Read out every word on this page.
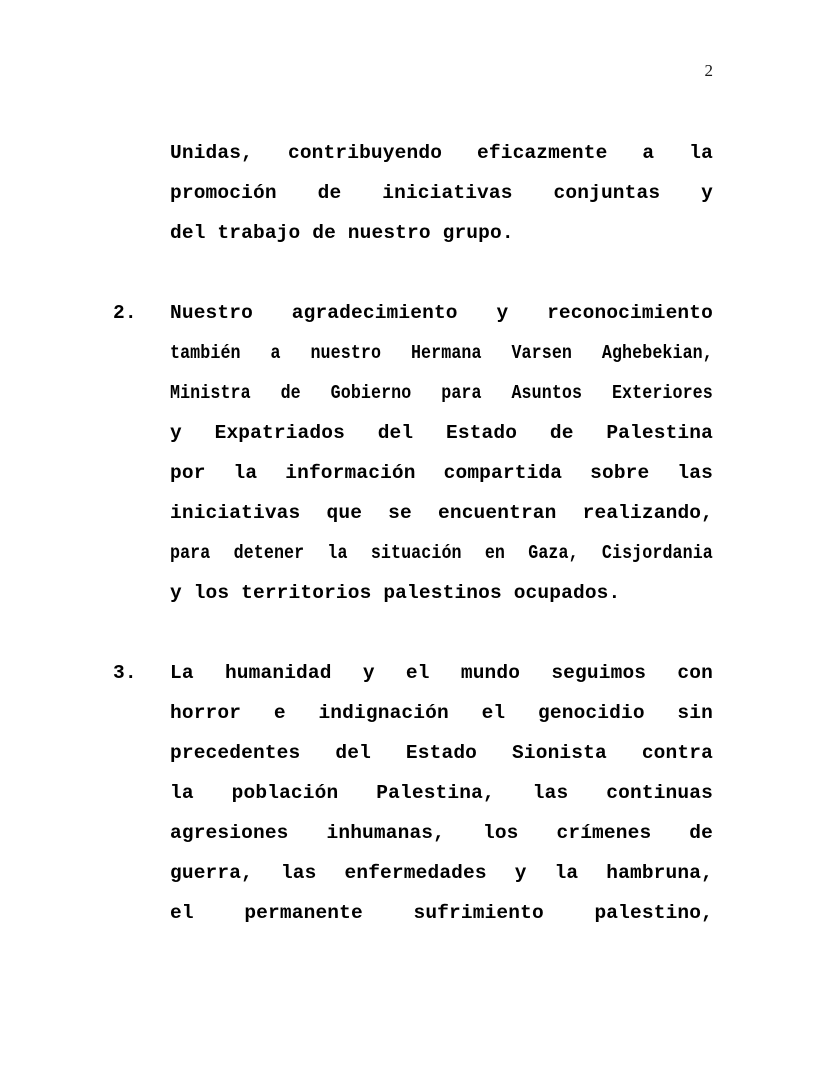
2
Unidas, contribuyendo eficazmente a la
promoción de iniciativas conjuntas y
del trabajo de nuestro grupo.
2.	Nuestro agradecimiento y reconocimiento
también a nuestro Hermana Varsen Aghebekian,
Ministra de Gobierno para Asuntos Exteriores
y Expatriados del Estado de Palestina
por la información compartida sobre las
iniciativas que se encuentran realizando,
para detener la situación en Gaza, Cisjordania
y los territorios palestinos ocupados.
3.	La humanidad y el mundo seguimos con
horror e indignación el genocidio sin
precedentes del Estado Sionista contra
la población Palestina, las continuas
agresiones inhumanas, los crímenes de
guerra, las enfermedades y la hambruna,
el	permanente	sufrimiento	palestino,
